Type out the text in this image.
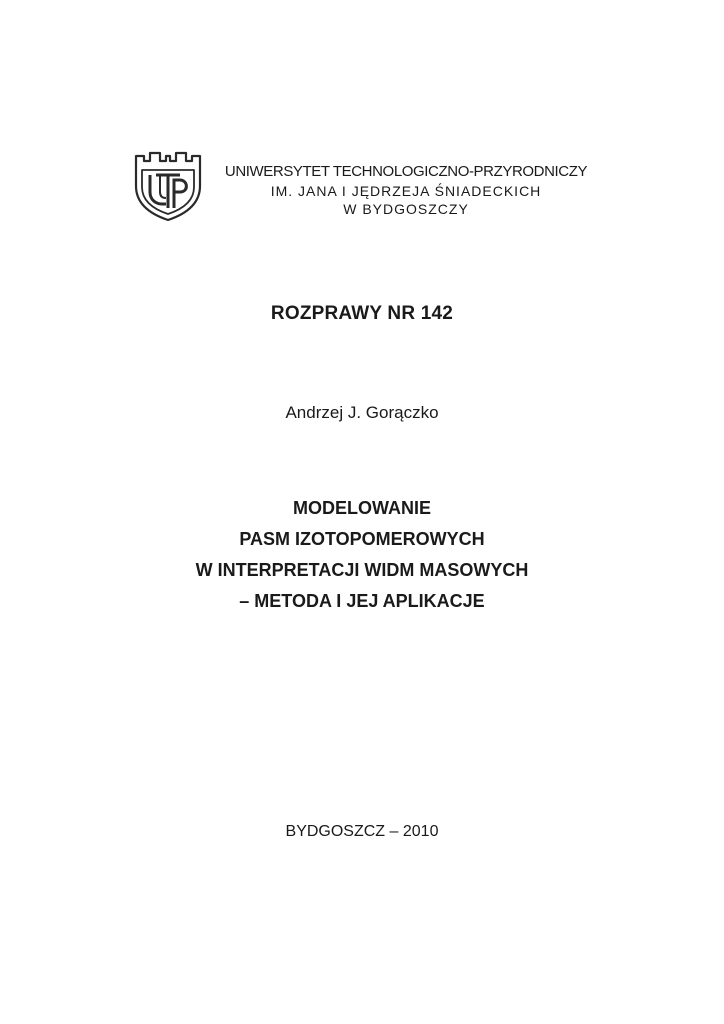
UNIWERSYTET TECHNOLOGICZNO-PRZYRODNICZY
IM. JANA I JĘDRZEJA ŚNIADECKICH
W BYDGOSZCZY
ROZPRAWY NR 142
Andrzej J. Gorączko
MODELOWANIE
PASM IZOTOPOMEROWYCH
W INTERPRETACJI WIDM MASOWYCH
– METODA I JEJ APLIKACJE
BYDGOSZCZ – 2010
